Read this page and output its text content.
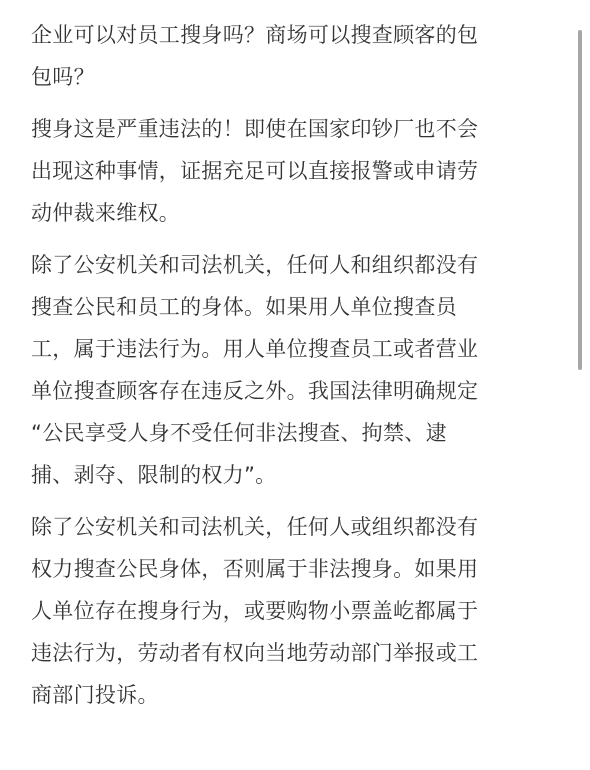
企业可以对员工搜身吗？商场可以搜查顾客的包
包吗？
搜身这是严重违法的！即使在国家印钞厂也不会
出现这种事情，证据充足可以直接报警或申请劳
动仲裁来维权。
除了公安机关和司法机关，任何人和组织都没有
搜查公民和员工的身体。如果用人单位搜查员
工，属于违法行为。用人单位搜查员工或者营业
单位搜查顾客存在违反之外。我国法律明确规定
“公民享受人身不受任何非法搜查、拘禁、逮
捕、剥夺、限制的权力”。
除了公安机关和司法机关，任何人或组织都没有
权力搜查公民身体，否则属于非法搜身。如果用
人单位存在搜身行为，或要购物小票盖屹都属于
违法行为，劳动者有权向当地劳动部门举报或工
商部门投诉。
